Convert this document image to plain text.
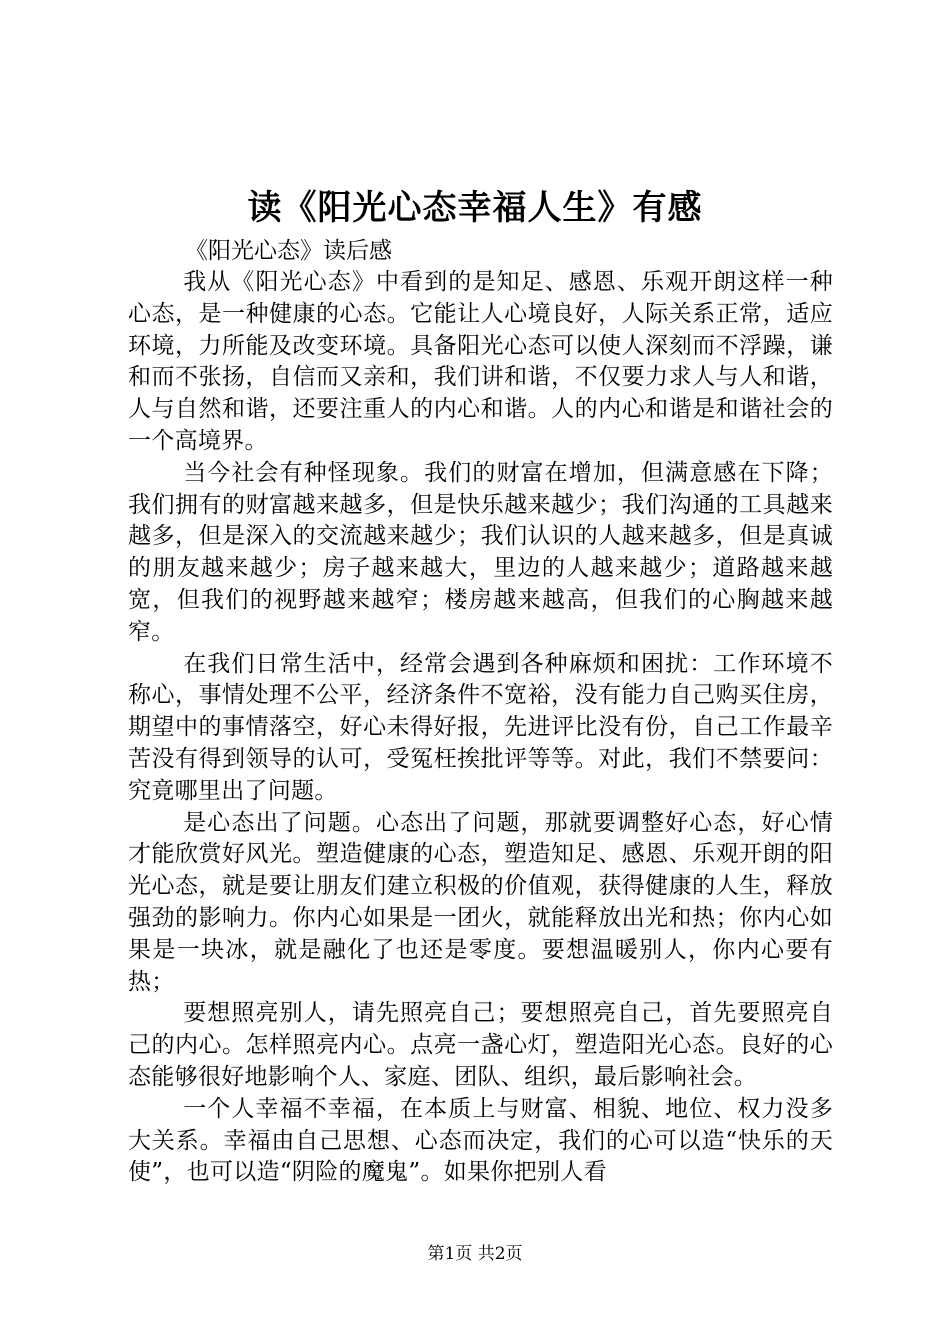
读《阳光心态幸福人生》有感
《阳光心态》读后感

我从《阳光心态》中看到的是知足、感恩、乐观开朗这样一种心态，是一种健康的心态。它能让人心境良好，人际关系正常，适应环境，力所能及改变环境。具备阳光心态可以使人深刻而不浮躁，谦和而不张扬，自信而又亲和，我们讲和谐，不仅要力求人与人和谐，人与自然和谐，还要注重人的内心和谐。人的内心和谐是和谐社会的一个高境界。

当今社会有种怪现象。我们的财富在增加，但满意感在下降；我们拥有的财富越来越多，但是快乐越来越少；我们沟通的工具越来越多，但是深入的交流越来越少；我们认识的人越来越多，但是真诚的朋友越来越少；房子越来越大，里边的人越来越少；道路越来越宽，但我们的视野越来越窄；楼房越来越高，但我们的心胸越来越窄。

在我们日常生活中，经常会遇到各种麻烦和困扰：工作环境不称心，事情处理不公平，经济条件不宽裕，没有能力自己购买住房，期望中的事情落空，好心未得好报，先进评比没有份，自己工作最辛苦没有得到领导的认可，受冤枉挨批评等等。对此，我们不禁要问：究竟哪里出了问题。

是心态出了问题。心态出了问题，那就要调整好心态，好心情才能欣赏好风光。塑造健康的心态，塑造知足、感恩、乐观开朗的阳光心态，就是要让朋友们建立积极的价值观，获得健康的人生，释放强劲的影响力。你内心如果是一团火，就能释放出光和热；你内心如果是一块冰，就是融化了也还是零度。要想温暖别人，你内心要有热；

要想照亮别人，请先照亮自己；要想照亮自己，首先要照亮自己的内心。怎样照亮内心。点亮一盏心灯，塑造阳光心态。良好的心态能够很好地影响个人、家庭、团队、组织，最后影响社会。

一个人幸福不幸福，在本质上与财富、相貌、地位、权力没多大关系。幸福由自己思想、心态而决定，我们的心可以造“快乐的天使”，也可以造“阴险的魔鬼”。如果你把别人看

第1页 共2页
